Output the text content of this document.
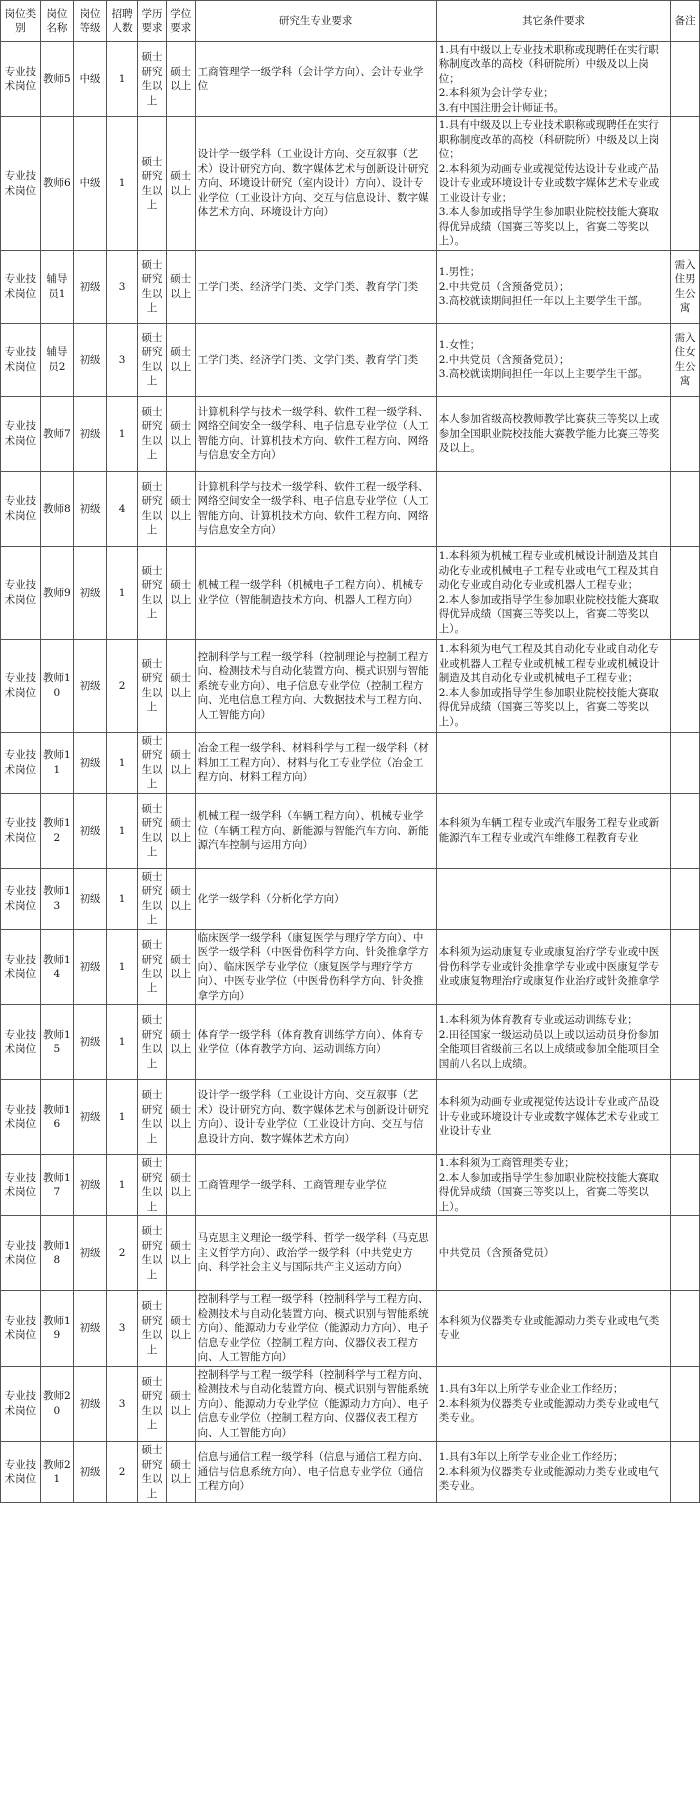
岗位类别	岗位名称	岗位等级	招聘人数	学历要求	学位要求	研究生专业要求	其它条件要求	备注
专业技术岗位	教师5	中级	1	硕士研究生以上	硕士以上	工商管理学一级学科（会计学方向）、会计专业学位	1.具有中级以上专业技术职称或现聘任在实行职称制度改革的高校（科研院所）中级及以上岗位；
2.本科须为会计学专业；
3.有中国注册会计师证书。	
专业技术岗位	教师6	中级	1	硕士研究生以上	硕士以上	设计学一级学科（工业设计方向、交互叙事（艺术）设计研究方向、数字媒体艺术与创新设计研究方向、环境设计研究（室内设计）方向）、设计专业学位（工业设计方向、交互与信息设计、数字媒体艺术方向、环境设计方向）	1.具有中级及以上专业技术职称或现聘任在实行职称制度改革的高校（科研院所）中级及以上岗位；
2.本科须为动画专业或视觉传达设计专业或产品设计专业或环境设计专业或数字媒体艺术专业或工业设计专业；
3.本人参加或指导学生参加职业院校技能大赛取得优异成绩（国赛三等奖以上，省赛二等奖以上）。	
专业技术岗位	辅导员1	初级	3	硕士研究生以上	硕士以上	工学门类、经济学门类、文学门类、教育学门类	1.男性；
2.中共党员（含预备党员）；
3.高校就读期间担任一年以上主要学生干部。	需入住男生公寓
专业技术岗位	辅导员2	初级	3	硕士研究生以上	硕士以上	工学门类、经济学门类、文学门类、教育学门类	1.女性；
2.中共党员（含预备党员）；
3.高校就读期间担任一年以上主要学生干部。	需入住女生公寓
专业技术岗位	教师7	初级	1	硕士研究生以上	硕士以上	计算机科学与技术一级学科、软件工程一级学科、网络空间安全一级学科、电子信息专业学位（人工智能方向、计算机技术方向、软件工程方向、网络与信息安全方向）	本人参加省级高校教师教学比赛获三等奖以上或参加全国职业院校技能大赛教学能力比赛三等奖及以上。	
专业技术岗位	教师8	初级	4	硕士研究生以上	硕士以上	计算机科学与技术一级学科、软件工程一级学科、网络空间安全一级学科、电子信息专业学位（人工智能方向、计算机技术方向、软件工程方向、网络与信息安全方向）		
专业技术岗位	教师9	初级	1	硕士研究生以上	硕士以上	机械工程一级学科（机械电子工程方向）、机械专业学位（智能制造技术方向、机器人工程方向）	1.本科须为机械工程专业或机械设计制造及其自动化专业或机械电子工程专业或电气工程及其自动化专业或自动化专业或机器人工程专业；
2.本人参加或指导学生参加职业院校技能大赛取得优异成绩（国赛三等奖以上，省赛二等奖以上）。	
专业技术岗位	教师10	初级	2	硕士研究生以上	硕士以上	控制科学与工程一级学科（控制理论与控制工程方向、检测技术与自动化装置方向、模式识别与智能系统专业方向）、电子信息专业学位（控制工程方向、光电信息工程方向、大数据技术与工程方向、人工智能方向）	1.本科须为电气工程及其自动化专业或自动化专业或机器人工程专业或机械工程专业或机械设计制造及其自动化专业或机械电子工程专业；
2.本人参加或指导学生参加职业院校技能大赛取得优异成绩（国赛三等奖以上，省赛二等奖以上）。	
专业技术岗位	教师11	初级	1	硕士研究生以上	硕士以上	冶金工程一级学科、材料科学与工程一级学科（材料加工工程方向）、材料与化工专业学位（冶金工程方向、材料工程方向）		
专业技术岗位	教师12	初级	1	硕士研究生以上	硕士以上	机械工程一级学科（车辆工程方向）、机械专业学位（车辆工程方向、新能源与智能汽车方向、新能源汽车控制与运用方向）	本科须为车辆工程专业或汽车服务工程专业或新能源汽车工程专业或汽车维修工程教育专业	
专业技术岗位	教师13	初级	1	硕士研究生以上	硕士以上	化学一级学科（分析化学方向）		
专业技术岗位	教师14	初级	1	硕士研究生以上	硕士以上	临床医学一级学科（康复医学与理疗学方向）、中医学一级学科（中医骨伤科学方向、针灸推拿学方向）、临床医学专业学位（康复医学与理疗学方向）、中医专业学位（中医骨伤科学方向、针灸推拿学方向）	本科须为运动康复专业或康复治疗学专业或中医骨伤科学专业或针灸推拿学专业或中医康复学专业或康复物理治疗或康复作业治疗或针灸推拿学	
专业技术岗位	教师15	初级	1	硕士研究生以上	硕士以上	体育学一级学科（体育教育训练学方向）、体育专业学位（体育教学方向、运动训练方向）	1.本科须为体育教育专业或运动训练专业；
2.田径国家一级运动员以上或以运动员身份参加全能项目省级前三名以上成绩或参加全能项目全国前八名以上成绩。	
专业技术岗位	教师16	初级	1	硕士研究生以上	硕士以上	设计学一级学科（工业设计方向、交互叙事（艺术）设计研究方向、数字媒体艺术与创新设计研究方向）、设计专业学位（工业设计方向、交互与信息设计方向、数字媒体艺术方向）	本科须为动画专业或视觉传达设计专业或产品设计专业或环境设计专业或数字媒体艺术专业或工业设计专业	
专业技术岗位	教师17	初级	1	硕士研究生以上	硕士以上	工商管理学一级学科、工商管理专业学位	1.本科须为工商管理类专业；
2.本人参加或指导学生参加职业院校技能大赛取得优异成绩（国赛三等奖以上，省赛二等奖以上）。	
专业技术岗位	教师18	初级	2	硕士研究生以上	硕士以上	马克思主义理论一级学科、哲学一级学科（马克思主义哲学方向）、政治学一级学科（中共党史方向、科学社会主义与国际共产主义运动方向）	中共党员（含预备党员）	
专业技术岗位	教师19	初级	3	硕士研究生以上	硕士以上	控制科学与工程一级学科（控制科学与工程方向、检测技术与自动化装置方向、模式识别与智能系统方向）、能源动力专业学位（能源动力方向）、电子信息专业学位（控制工程方向、仪器仪表工程方向、人工智能方向）	本科须为仪器类专业或能源动力类专业或电气类专业	
专业技术岗位	教师20	初级	3	硕士研究生以上	硕士以上	控制科学与工程一级学科（控制科学与工程方向、检测技术与自动化装置方向、模式识别与智能系统方向）、能源动力专业学位（能源动力方向）、电子信息专业学位（控制工程方向、仪器仪表工程方向、人工智能方向）	1.具有3年以上所学专业企业工作经历；
2.本科须为仪器类专业或能源动力类专业或电气类专业。	
专业技术岗位	教师21	初级	2	硕士研究生以上	硕士以上	信息与通信工程一级学科（信息与通信工程方向、通信与信息系统方向）、电子信息专业学位（通信工程方向）	1.具有3年以上所学专业企业工作经历；
2.本科须为仪器类专业或能源动力类专业或电气类专业。	
